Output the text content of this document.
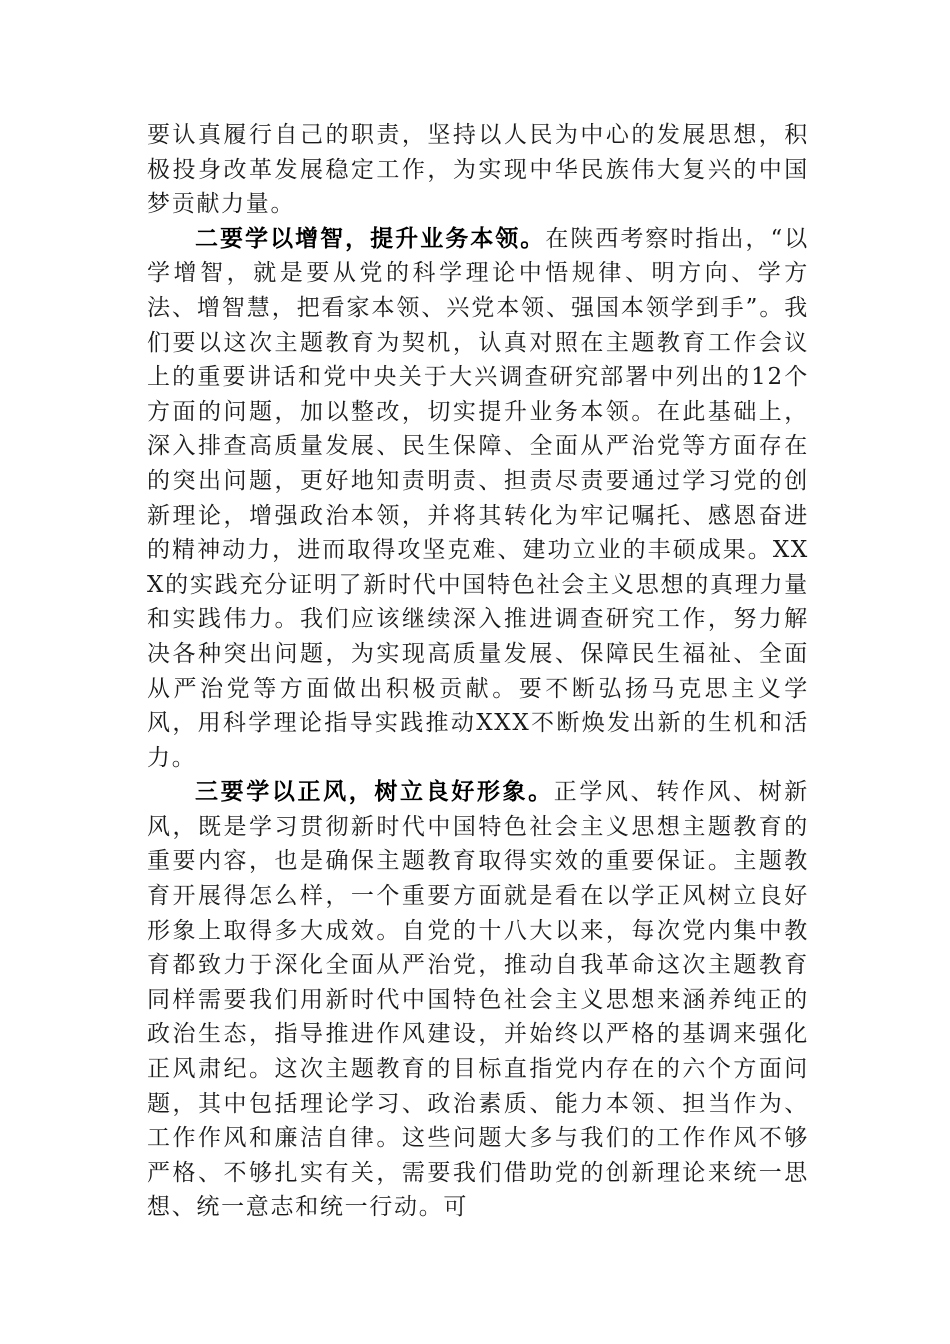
要认真履行自己的职责，坚持以人民为中心的发展思想，积极投身改革发展稳定工作，为实现中华民族伟大复兴的中国梦贡献力量。

二要学以增智，提升业务本领。在陕西考察时指出，“以学增智，就是要从党的科学理论中悟规律、明方向、学方法、增智慧，把看家本领、兴党本领、强国本领学到手”。我们要以这次主题教育为契机，认真对照在主题教育工作会议上的重要讲话和党中央关于大兴调查研究部署中列出的12个方面的问题，加以整改，切实提升业务本领。在此基础上，深入排查高质量发展、民生保障、全面从严治党等方面存在的突出问题，更好地知责明责、担责尽责要通过学习党的创新理论，增强政治本领，并将其转化为牢记嘱托、感恩奋进的精神动力，进而取得攻坚克难、建功立业的丰硕成果。XXX的实践充分证明了新时代中国特色社会主义思想的真理力量和实践伟力。我们应该继续深入推进调查研究工作，努力解决各种突出问题，为实现高质量发展、保障民生福祉、全面从严治党等方面做出积极贡献。要不断弘扬马克思主义学风，用科学理论指导实践推动XXX不断焕发出新的生机和活力。

三要学以正风，树立良好形象。正学风、转作风、树新风，既是学习贯彻新时代中国特色社会主义思想主题教育的重要内容，也是确保主题教育取得实效的重要保证。主题教育开展得怎么样，一个重要方面就是看在以学正风树立良好形象上取得多大成效。自党的十八大以来，每次党内集中教育都致力于深化全面从严治党，推动自我革命这次主题教育同样需要我们用新时代中国特色社会主义思想来涵养纯正的政治生态，指导推进作风建设，并始终以严格的基调来强化正风肃纪。这次主题教育的目标直指党内存在的六个方面问题，其中包括理论学习、政治素质、能力本领、担当作为、工作作风和廉洁自律。这些问题大多与我们的工作作风不够严格、不够扎实有关，需要我们借助党的创新理论来统一思想、统一意志和统一行动。可
